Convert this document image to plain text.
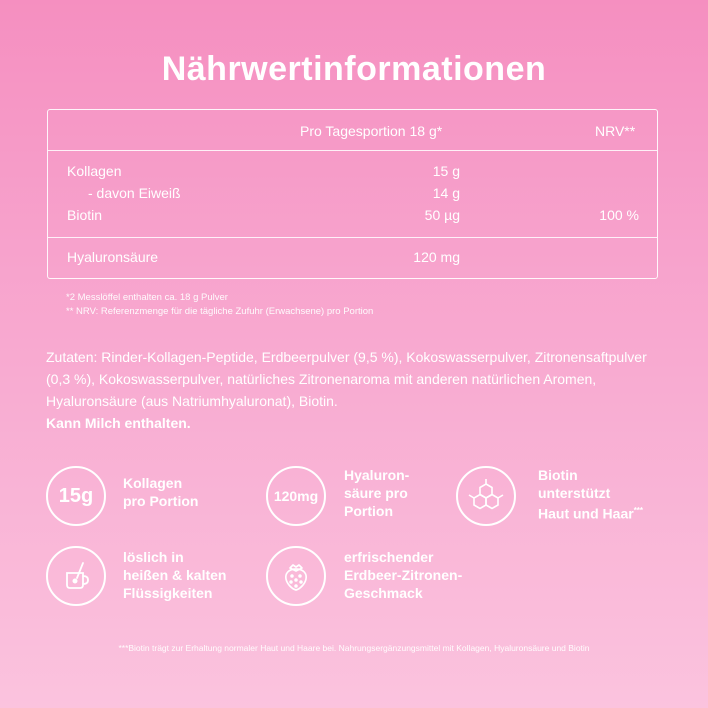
Nährwertinformationen
Pro Tagesportion 18 g*	NRV**
Kollagen	15 g
- davon Eiweiß	14 g
Biotin	50 µg	100 %
Hyaluronsäure	120 mg
*2 Messlöffel enthalten ca. 18 g Pulver
** NRV: Referenzmenge für die tägliche Zufuhr (Erwachsene) pro Portion
Zutaten: Rinder-Kollagen-Peptide, Erdbeerpulver (9,5 %), Kokoswasserpulver, Zitronensaftpulver (0,3 %), Kokoswasserpulver, natürliches Zitronenaroma mit anderen natürlichen Aromen, Hyaluronsäure (aus Natriumhyaluronat), Biotin.
Kann Milch enthalten.
15g
Kollagen
pro Portion	120mg
Hyaluron-
säure pro
Portion
Biotin
unterstützt
Haut und Haar***
löslich in
heißen & kalten
Flüssigkeiten
erfrischender
Erdbeer-Zitronen-
Geschmack
***Biotin trägt zur Erhaltung normaler Haut und Haare bei. Nahrungsergänzungsmittel mit Kollagen, Hyaluronsäure und Biotin
